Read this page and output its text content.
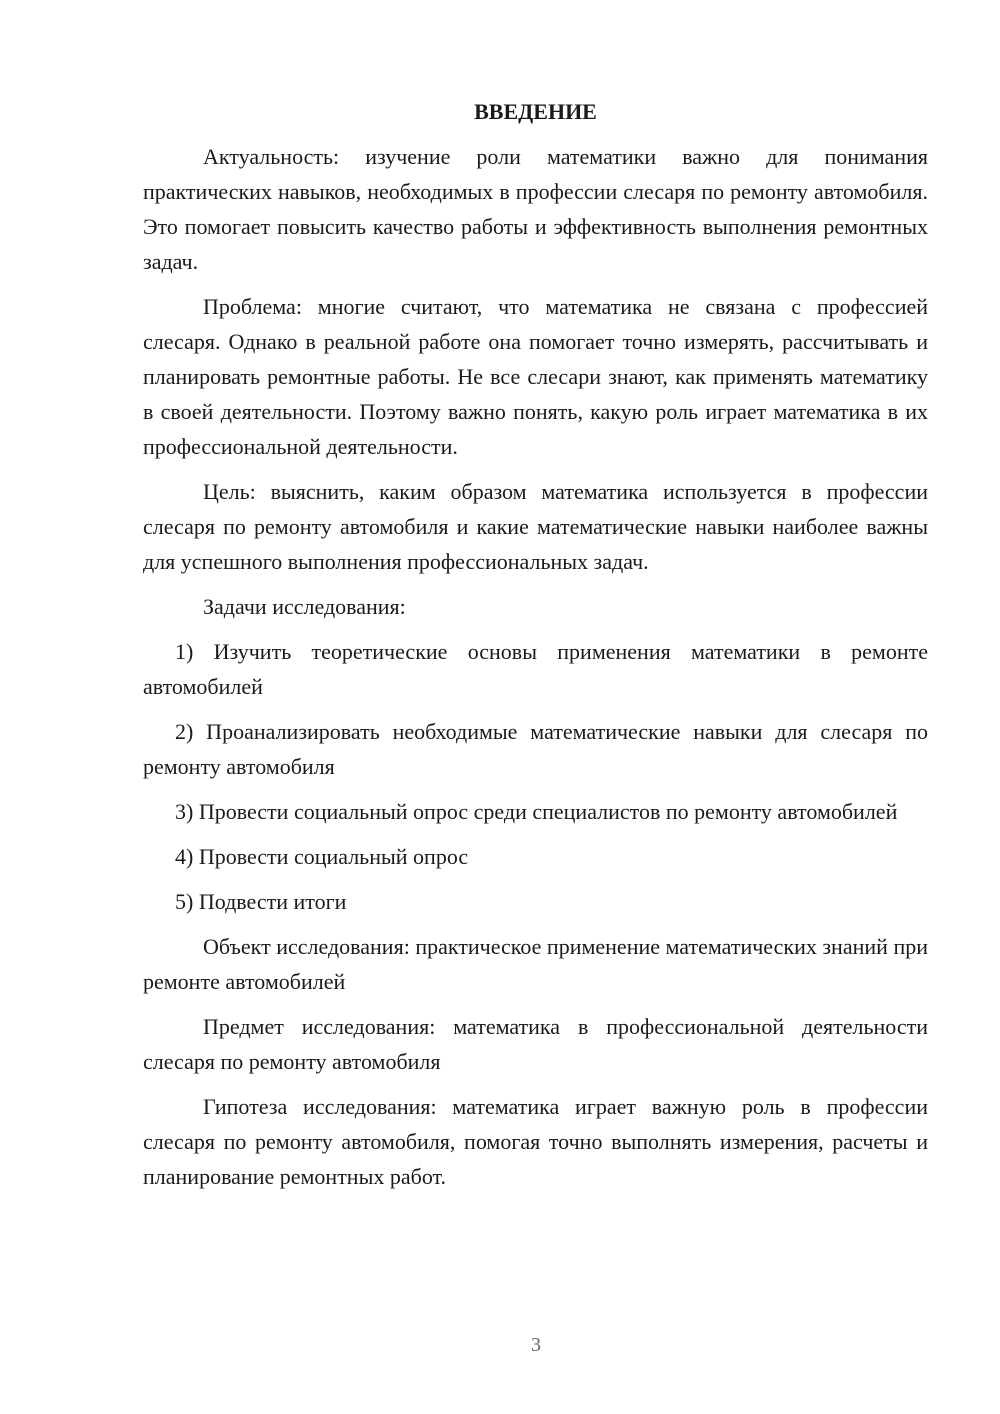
ВВЕДЕНИЕ

Актуальность: изучение роли математики важно для понимания практических навыков, необходимых в профессии слесаря по ремонту автомобиля. Это помогает повысить качество работы и эффективность выполнения ремонтных задач.

Проблема: многие считают, что математика не связана с профессией слесаря. Однако в реальной работе она помогает точно измерять, рассчитывать и планировать ремонтные работы. Не все слесари знают, как применять математику в своей деятельности. Поэтому важно понять, какую роль играет математика в их профессиональной деятельности.

Цель: выяснить, каким образом математика используется в профессии слесаря по ремонту автомобиля и какие математические навыки наиболее важны для успешного выполнения профессиональных задач.

Задачи исследования:

1) Изучить теоретические основы применения математики в ремонте автомобилей

2) Проанализировать необходимые математические навыки для слесаря по ремонту автомобиля

3) Провести социальный опрос среди специалистов по ремонту автомобилей

4) Провести социальный опрос

5) Подвести итоги

Объект исследования: практическое применение математических знаний при ремонте автомобилей

Предмет исследования: математика в профессиональной деятельности слесаря по ремонту автомобиля

Гипотеза исследования: математика играет важную роль в профессии слесаря по ремонту автомобиля, помогая точно выполнять измерения, расчеты и планирование ремонтных работ.

3
